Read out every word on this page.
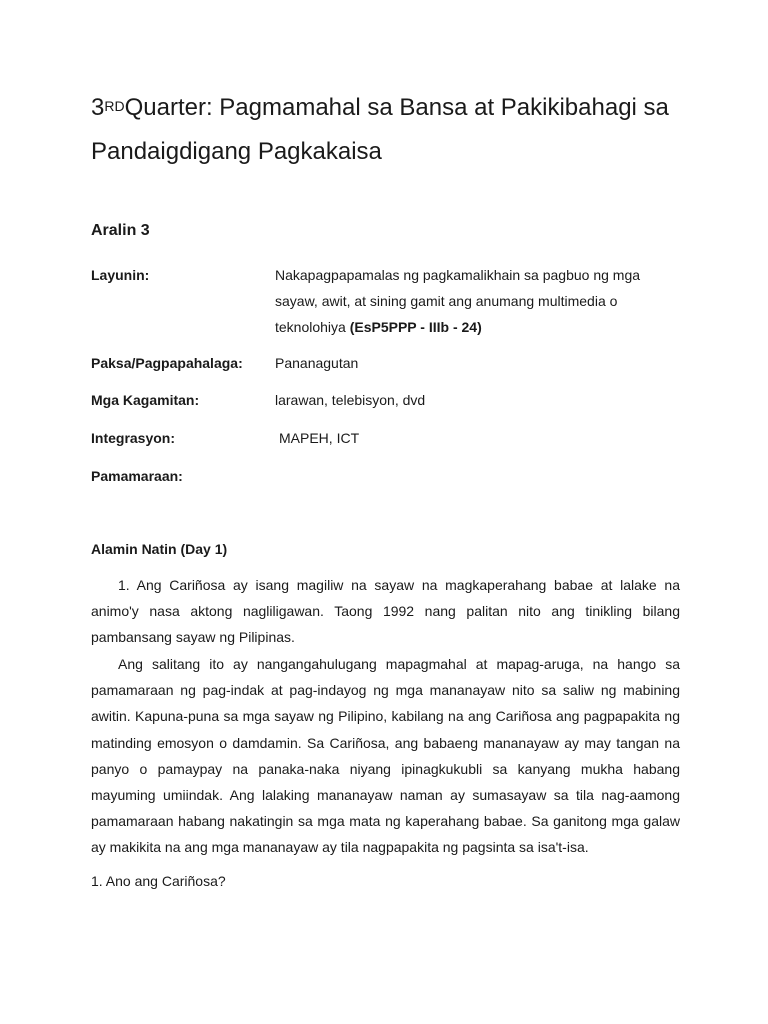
3RDQuarter: Pagmamahal sa Bansa at Pakikibahagi sa Pandaigdigang Pagkakaisa
Aralin 3
Layunin:	Nakapagpapamalas ng pagkamalikhain sa pagbuo ng mga sayaw, awit, at sining gamit ang anumang multimedia o teknolohiya (EsP5PPP - IIIb - 24)
Paksa/Pagpapahalaga: Pananagutan
Mga Kagamitan:	larawan, telebisyon, dvd
Integrasyon:	MAPEH, ICT
Pamamaraan:
Alamin Natin (Day 1)

1. Ang Cariñosa ay isang magiliw na sayaw na magkaperahang babae at lalake na animo'y nasa aktong nagliligawan. Taong 1992 nang palitan nito ang tinikling bilang pambansang sayaw ng Pilipinas.

Ang salitang ito ay nangangahulugang mapagmahal at mapag-aruga, na hango sa pamamaraan ng pag-indak at pag-indayog ng mga mananayaw nito sa saliw ng mabining awitin. Kapuna-puna sa mga sayaw ng Pilipino, kabilang na ang Cariñosa ang pagpapakita ng matinding emosyon o damdamin. Sa Cariñosa, ang babaeng mananayaw ay may tangan na panyo o pamaypay na panaka-naka niyang ipinagkukubli sa kanyang mukha habang mayuming umiindak. Ang lalaking mananayaw naman ay sumasayaw sa tila nag-aamong pamamaraan habang nakatingin sa mga mata ng kaperahang babae. Sa ganitong mga galaw ay makikita na ang mga mananayaw ay tila nagpapakita ng pagsinta sa isa't-isa.

1. Ano ang Cariñosa?
